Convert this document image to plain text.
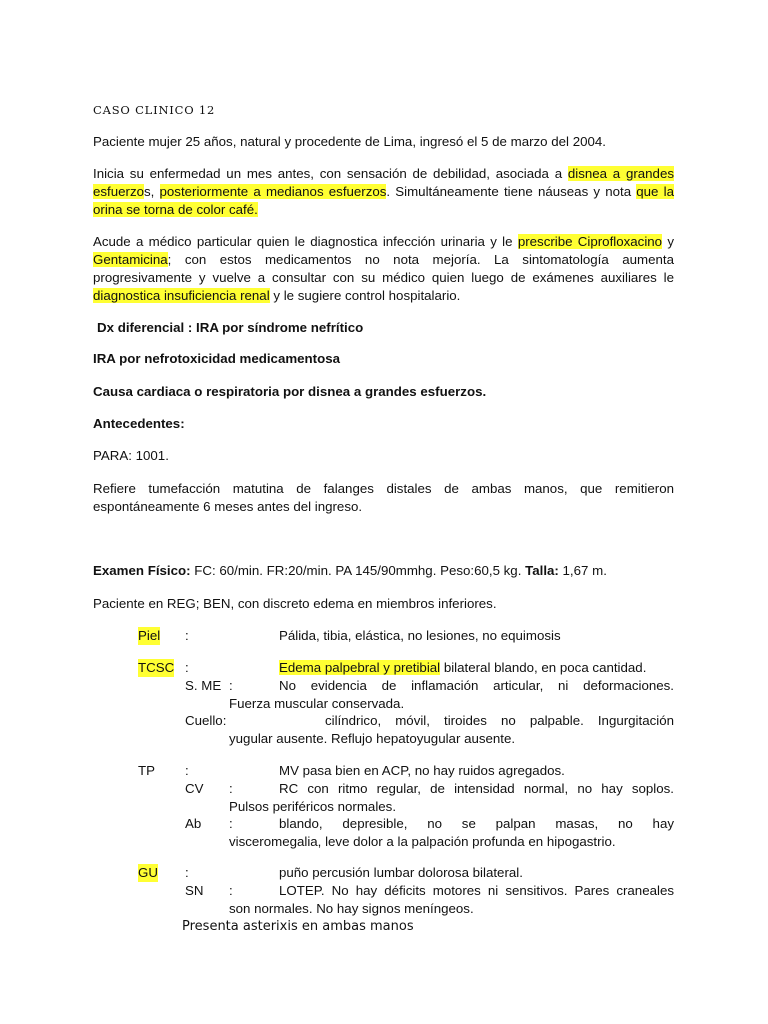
CASO CLINICO 12
Paciente mujer 25 años, natural y procedente de Lima, ingresó el 5 de marzo del 2004.
Inicia su enfermedad un mes antes, con sensación de debilidad, asociada a disnea a grandes esfuerzos, posteriormente a medianos esfuerzos. Simultáneamente tiene náuseas y nota que la orina se torna de color café.
Acude a médico particular quien le diagnostica infección urinaria y le prescribe Ciprofloxacino y Gentamicina; con estos medicamentos no nota mejoría. La sintomatología aumenta progresivamente y vuelve a consultar con su médico quien luego de exámenes auxiliares le diagnostica insuficiencia renal y le sugiere control hospitalario.
Dx diferencial : IRA por síndrome nefrítico
IRA por nefrotoxicidad medicamentosa
Causa cardiaca o respiratoria por disnea a grandes esfuerzos.
Antecedentes:
PARA: 1001.
Refiere tumefacción matutina de falanges distales de ambas manos, que remitieron espontáneamente 6 meses antes del ingreso.
Examen Físico: FC: 60/min. FR:20/min. PA 145/90mmhg. Peso:60,5 kg. Talla: 1,67 m.
Paciente en REG; BEN, con discreto edema en miembros inferiores.
Piel :	Pálida, tibia, elástica, no lesiones, no equimosis
TCSC :	Edema palpebral y pretibial bilateral blando, en poca cantidad.
S. ME :	No evidencia de inflamación articular, ni deformaciones.
Fuerza muscular conservada.
Cuello:	cilíndrico, móvil, tiroides no palpable. Ingurgitación
yugular ausente. Reflujo hepatoyugular ausente.
TP :	MV pasa bien en ACP, no hay ruidos agregados.
CV :	RC con ritmo regular, de intensidad normal, no hay soplos.
Pulsos periféricos normales.
Ab :	blando, depresible, no se palpan masas, no hay
visceromegalia, leve dolor a la palpación profunda en hipogastrio.
GU :	puño percusión lumbar dolorosa bilateral.
SN :	LOTEP. No hay déficits motores ni sensitivos. Pares craneales
son normales. No hay signos meníngeos.
Presenta asterixis en ambas manos
